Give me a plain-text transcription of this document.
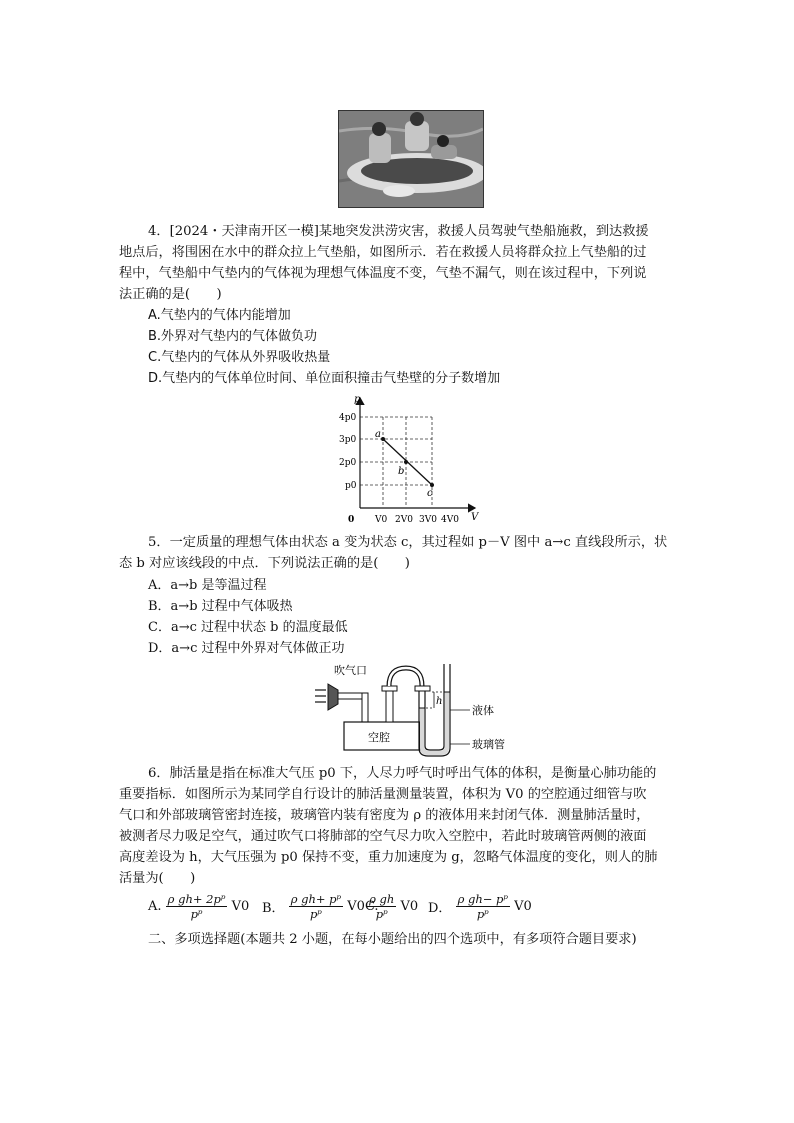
4．[2024・天津南开区一模]某地突发洪涝灾害，救援人员驾驶气垫船施救，到达救援
地点后，将围困在水中的群众拉上气垫船，如图所示．若在救援人员将群众拉上气垫船的过
程中，气垫船中气垫内的气体视为理想气体温度不变，气垫不漏气，则在该过程中，下列说
法正确的是(　　)
A.气垫内的气体内能增加
B.外界对气垫内的气体做负功
C.气垫内的气体从外界吸收热量
D.气垫内的气体单位时间、单位面积撞击气垫壁的分子数增加
p
V
0
4p0
3p0
2p0
p0
V0 2V0 3V0 4V0
a
b
c
5．一定质量的理想气体由状态 a 变为状态 c，其过程如 p－V 图中 a→c 直线段所示，状
态 b 对应该线段的中点．下列说法正确的是(　　)
A．a→b 是等温过程
B．a→b 过程中气体吸热
C．a→c 过程中状态 b 的温度最低
D．a→c 过程中外界对气体做正功
h
吹气口
空腔
液体
玻璃管
6．肺活量是指在标准大气压 p0 下，人尽力呼气时呼出气体的体积，是衡量心肺功能的
重要指标．如图所示为某同学自行设计的肺活量测量装置，体积为 V0 的空腔通过细管与吹
气口和外部玻璃管密封连接，玻璃管内装有密度为 ρ 的液体用来封闭气体．测量肺活量时，
被测者尽力吸足空气，通过吹气口将肺部的空气尽力吹入空腔中，若此时玻璃管两侧的液面
高度差设为 h，大气压强为 p0 保持不变，重力加速度为 g，忽略气体温度的变化，则人的肺
活量为(　　)
A. $\frac{\text{ρ gh+ 2pᵖ}}{\text{pᵖ}} V0$ B． $\frac{\text{ρ gh+ pᵖ}}{\text{pᵖ}} V0C$.

$\frac{\text{ρ gh}}{\text{pᵖ}} V0$ D． $\frac{\text{ρ gh− pᵖ}}{\text{pᵖ}} V0$
二、多项选择题(本题共 2 小题，在每小题给出的四个选项中，有多项符合题目要求)
